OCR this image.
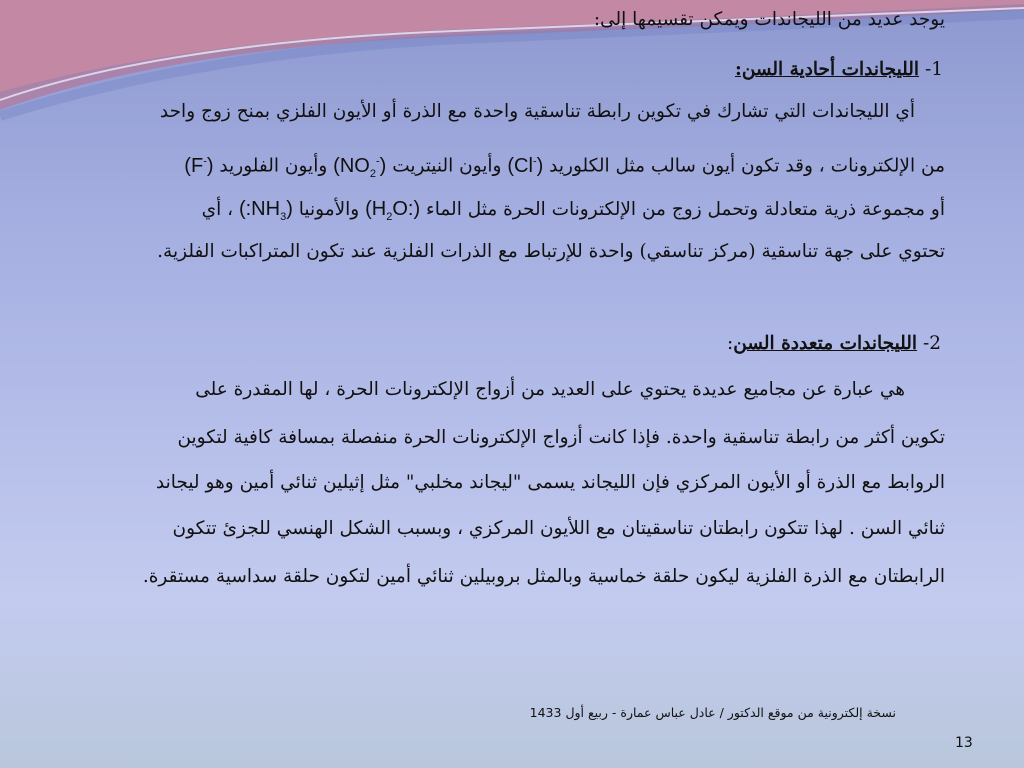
يوجد عديد من الليجاندات ويمكن تقسيمها إلى:
1- الليجاندات أحادية السن:
أي الليجاندات التي تشارك في تكوين رابطة تناسقية واحدة مع الذرة أو الأيون الفلزي بمنح زوج واحد
من الإلكترونات ، وقد تكون أيون سالب مثل الكلوريد (Cl-) وأيون النيتريت $(NO_2^-)$ وأيون الفلوريد (F-)
أو مجموعة ذرية متعادلة وتحمل زوج من الإلكترونات الحرة مثل الماء $(H_2O:)$ والأمونيا $(:NH_3)$ ، أي
تحتوي على جهة تناسقية (مركز تناسقي) واحدة للإرتباط مع الذرات الفلزية عند تكون المتراكبات الفلزية.
2- الليجاندات متعددة السن:
هي عبارة عن مجاميع عديدة يحتوي على العديد من أزواج الإلكترونات الحرة ، لها المقدرة على
تكوين أكثر من رابطة تناسقية واحدة. فإذا كانت أزواج الإلكترونات الحرة منفصلة بمسافة كافية لتكوين
الروابط مع الذرة أو الأيون المركزي فإن الليجاند يسمى "ليجاند مخلبي" مثل إثيلين ثنائي أمين وهو ليجاند
ثنائي السن . لهذا تتكون رابطتان تناسقيتان مع اللأيون المركزي ، وبسبب الشكل الهنسي للجزئ تتكون
الرابطتان مع الذرة الفلزية ليكون حلقة خماسية وبالمثل بروبيلين ثنائي أمين لتكون حلقة سداسية مستقرة.
نسخة إلكترونية من موقع الدكتور / عادل عباس عمارة - ربيع أول 1433
13
